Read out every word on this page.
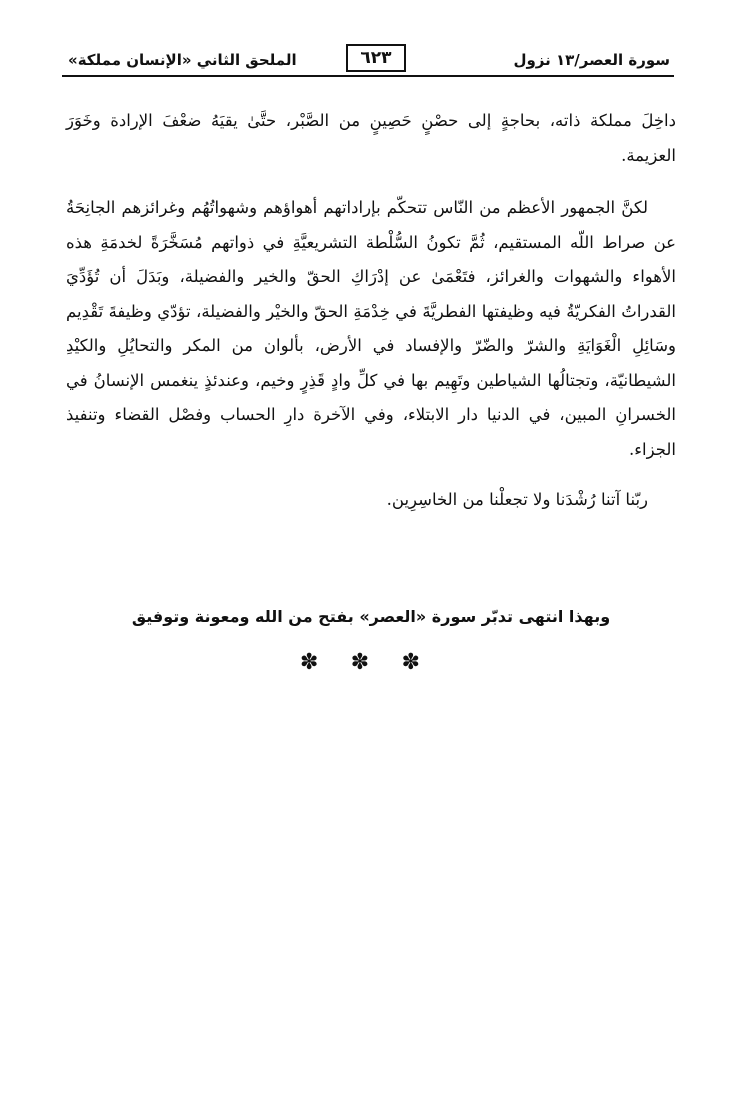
سورة العصر/١٣ نزول
٦٢٣
الملحق الثاني «الإنسان مملكة»

داخِلَ مملكة ذاته، بحاجةٍ إلى حصْنٍ حَصِينٍ من الصَّبْر، حتَّىٰ يقيَهُ ضعْفَ الإرادة وخَوَرَ العزيمة.

لكنَّ الجمهور الأعظم من النّاس تتحكّم بإراداتهم أهواؤهم وشهواتُهُم وغرائزهم الجانِحَةُ عن صراط اللّه المستقيم، ثُمَّ تكونُ السُّلْطة التشريعيَّةِ في ذواتهم مُسَخَّرَةً لخدمَةِ هذه الأهواء والشهوات والغرائز، فتَعْمَىٰ عن إدْرَاكِ الحقّ والخير والفضيلة، وبَدَلَ أن تُؤَدِّيَ القدراتُ الفكريّةُ فيه وظيفتها الفطريَّةَ في خِدْمَةِ الحقّ والخيْر والفضيلة، تؤدّي وظيفةَ تَقْدِيم وسَائِلِ الْغَوَايَةِ والشرّ والضّرّ والإفساد في الأرض، بألوان من المكر والتحايُلِ والكيْدِ الشيطانيّة، وتجتالُها الشياطين وتَهِيم بها في كلِّ وادٍ قَذِرٍ وخيم، وعندئذٍ ينغمس الإنسانُ في الخسرانِ المبين، في الدنيا دار الابتلاء، وفي الآخرة دارِ الحساب وفصْل القضاء وتنفيذ الجزاء.

ربّنا آتنا رُشْدَنا ولا تجعلْنا من الخاسِرِين.

وبهذا انتهى تدبّر سورة «العصر» بفتح من الله ومعونة وتوفيق
✽ ✽ ✽
